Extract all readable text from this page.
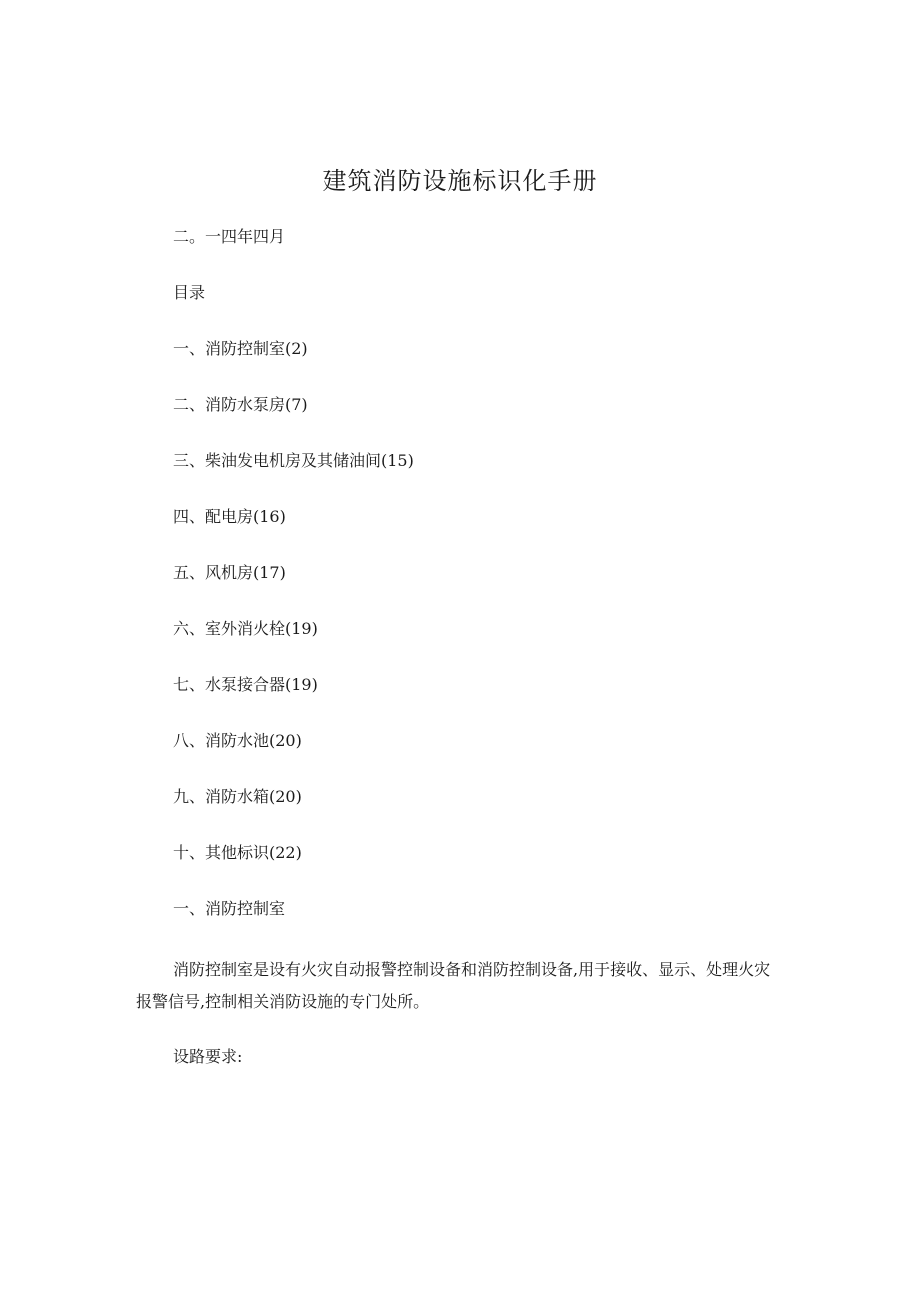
建筑消防设施标识化手册

二。一四年四月

目录

一、消防控制室(2)

二、消防水泵房(7)

三、柴油发电机房及其储油间(15)

四、配电房(16)

五、风机房(17)

六、室外消火栓(19)

七、水泵接合器(19)

八、消防水池(20)

九、消防水箱(20)

十、其他标识(22)

一、消防控制室

消防控制室是设有火灾自动报警控制设备和消防控制设备,用于接收、显示、处理火灾报警信号,控制相关消防设施的专门处所。

设路要求:
